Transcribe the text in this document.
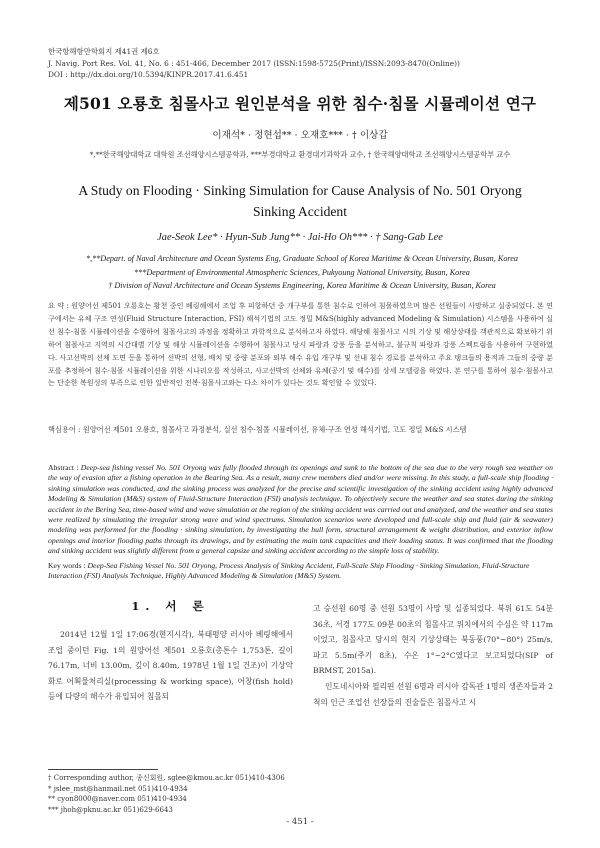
한국항해항만학회지 제41권 제6호
J. Navig. Port Res. Vol. 41, No. 6 : 451-466, December 2017 (ISSN:1598-5725(Print)/ISSN:2093-8470(Online))
DOI : http://dx.doi.org/10.5394/KINPR.2017.41.6.451
제501 오룡호 침몰사고 원인분석을 위한 침수·침몰 시뮬레이션 연구
이재석* · 정현섭** · 오재호*** · † 이상갑
*,**한국해양대학교 대학원 조선해양시스템공학과, ***부경대학교 환경대기과학과 교수, † 한국해양대학교 조선해양시스템공학부 교수
A Study on Flooding · Sinking Simulation for Cause Analysis of No. 501 Oryong Sinking Accident
Jae-Seok Lee* · Hyun-Sub Jung** · Jai-Ho Oh*** · † Sang-Gab Lee
*,**Depart. of Naval Architecture and Ocean Systems Eng, Graduate School of Korea Maritime & Ocean University, Busan, Korea
***Department of Environmental Atmospheric Sciences, Pukyoung National University, Busan, Korea
† Division of Naval Architecture and Ocean Systems Engineering, Korea Maritime & Ocean University, Busan, Korea
요 약 : 원양어선 제501 오룡호는 황천 중인 베링해에서 조업 후 피항하던 중 개구부를 통한 침수로 인하여 침몰하였으며 많은 선원들이 사망하고 실종되었다. 본 연구에서는 유체 구조 연성(Fluid Structure Interaction, FSI) 해석기법의 고도 정밀 M&S(highly advanced Modeling & Simulation) 시스템을 사용하여 실선 침수·침몰 시뮬레이션을 수행하여 침몰사고의 과정을 정확하고 과학적으로 분석하고자 하였다. 해당해 침몰사고 시의 기상 및 해상상태를 객관적으로 확보하기 위하여 침몰사고 지역의 시간대별 기상 및 해상 시뮬레이션을 수행하여 침몰사고 당시 파랑과 강풍 등을 분석하고, 불규칙 파랑과 강풍 스펙트럼을 사용하여 구현하였다. 사고선박의 선체 도면 등을 통하여 선박의 선형, 배치 및 중량 분포와 외부 해수 유입 개구부 및 선내 침수 경로를 분석하고 주요 탱크들의 용적과 그들의 중량 분포를 추정하여 침수·침몰 시뮬레이션을 위한 시나리오를 작성하고, 사고선박의 선체와 유체(공기 및 해수)를 상세 모델링을 하였다. 본 연구를 통하여 침수·침몰사고는 단순한 복원성의 부족으로 인한 일반적인 전복·침몰사고와는 다소 차이가 있다는 것도 확인할 수 있었다.
핵심용어 : 원양어선 제501 오룡호, 침몰사고 과정분석, 실선 침수·침몰 시뮬레이션, 유체-구조 연성 해석기법, 고도 정밀 M&S 시스템
Abstract : Deep-sea fishing vessel No. 501 Oryong was fully flooded through its openings and sunk to the bottom of the sea due to the very rough sea weather on the way of evasion after a fishing operation in the Bearing Sea. As a result, many crew members died and/or were missing. In this study, a full-scale ship flooding · sinking simulation was conducted, and the sinking process was analyzed for the precise and scientific investigation of the sinking accident using highly advanced Modeling & Simulation (M&S) system of Fluid-Structure Interaction (FSI) analysis technique. To objectively secure the weather and sea states during the sinking accident in the Bering Sea, time-based wind and wave simulation at the region of the sinking accident was carried out and analyzed, and the weather and sea states were realized by simulating the irregular strong wave and wind spectrums. Simulation scenarios were developed and full-scale ship and fluid (air & seawater) modeling was performed for the flooding · sinking simulation, by investigating the hull form, structural arrangement & weight distribution, and exterior inflow openings and interior flooding paths through its drawings, and by estimating the main tank capacities and their loading status. It was confirmed that the flooding and sinking accident was slightly different from a general capsize and sinking accident according to the simple loss of stability.
Key words : Deep-Sea Fishing Vessel No. 501 Oryong, Process Analysis of Sinking Accident, Full-Scale Ship Flooding · Sinking Simulation, Fluid-Structure Interaction (FSI) Analysis Technique, Highly Advanced Modeling & Simulation (M&S) System.
1. 서 론
2014년 12월 1일 17:06경(현지시각), 북태평양 러시아 베링해에서 조업 중이던 Fig. 1의 원양어선 제501 오룡호(총톤수 1,753톤, 길이 76.17m, 너비 13.00m, 깊이 8.40m, 1978년 1월 1일 건조)이 기상악화로 어획물처리실(processing & working space), 어창(fish hold) 등에 다량의 해수가 유입되어 침몰되

고 승선원 60명 중 선원 53명이 사망 및 실종되었다. 북위 61도 54분 36초, 서경 177도 09분 00초의 침몰사고 위치에서의 수심은 약 117m이었고, 침몰사고 당시의 현지 기상상태는 북동풍(70°~80°) 25m/s, 파고 5.5m(주기 8초), 수온 1°~2°C였다고 보고되었다(SIP of BRMST, 2015a).

인도네시아와 필리핀 선원 6명과 러시아 감독관 1명의 생존자들과 2척의 인근 조업선 선장들의 진술들은 침몰사고 시

† Corresponding author, 종신회원, sglee@kmou.ac.kr 051)410-4306
* jslee_mst@hanmail.net 051)410-4934
** cyon8000@naver.com 051)410-4934
*** jhoh@pknu.ac.kr 051)629-6643
- 451 -
